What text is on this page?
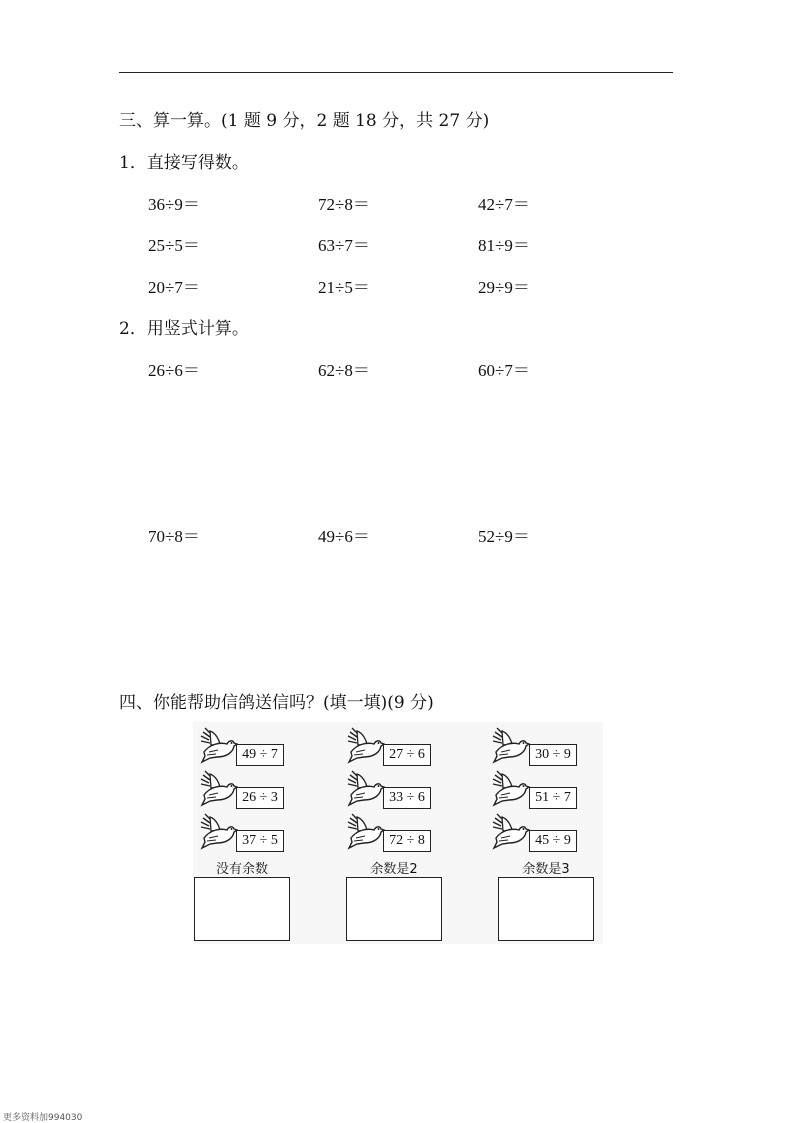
三、算一算。(1 题 9 分，2 题 18 分，共 27 分)
1．直接写得数。
36÷9＝	72÷8＝	42÷7＝
25÷5＝	63÷7＝	81÷9＝
20÷7＝	21÷5＝	29÷9＝
2．用竖式计算。
26÷6＝	62÷8＝	60÷7＝
70÷8＝	49÷6＝	52÷9＝
四、你能帮助信鸽送信吗？(填一填)(9 分)
49 ÷ 7
26 ÷ 3
37 ÷ 5
没有余数
27 ÷ 6
33 ÷ 6
72 ÷ 8
余数是2
30 ÷ 9
51 ÷ 7
45 ÷ 9
余数是3
更多资料加994030
